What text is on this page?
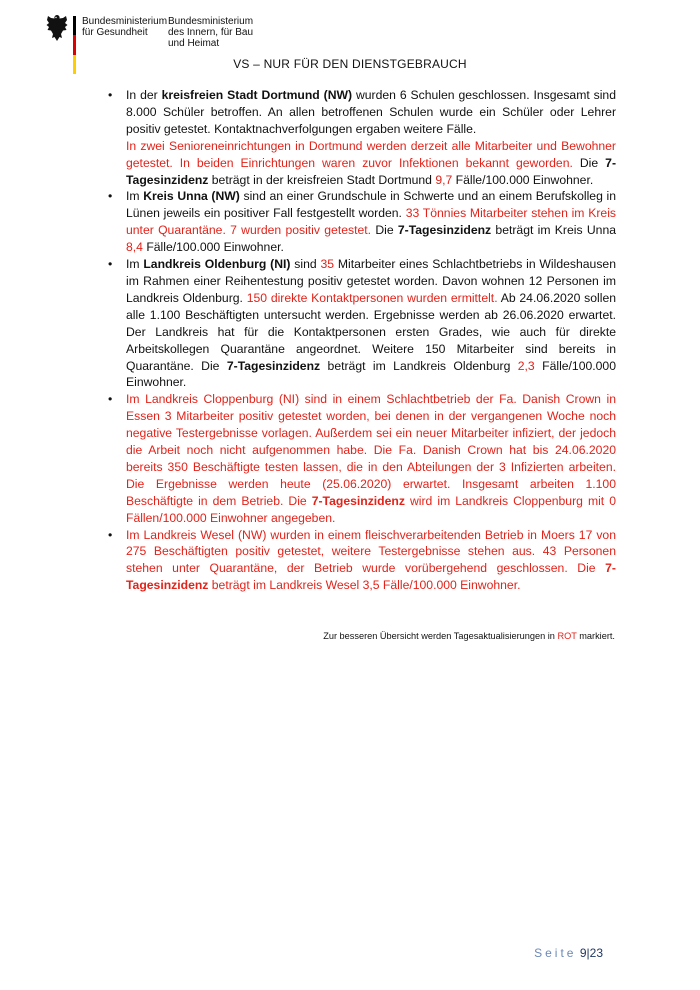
Bundesministerium
für Gesundheit
Bundesministerium
des Innern, für Bau
und Heimat
VS – NUR FÜR DEN DIENSTGEBRAUCH
• In der kreisfreien Stadt Dortmund (NW) wurden 6 Schulen geschlossen. Insgesamt sind 8.000 Schüler betroffen. An allen betroffenen Schulen wurde ein Schüler oder Lehrer positiv getestet. Kontaktnachverfolgungen ergaben weitere Fälle.
In zwei Senioreneinrichtungen in Dortmund werden derzeit alle Mitarbeiter und Bewohner getestet. In beiden Einrichtungen waren zuvor Infektionen bekannt geworden. Die 7-Tagesinzidenz beträgt in der kreisfreien Stadt Dortmund 9,7 Fälle/100.000 Einwohner.
• Im Kreis Unna (NW) sind an einer Grundschule in Schwerte und an einem Berufskolleg in Lünen jeweils ein positiver Fall festgestellt worden. 33 Tönnies Mitarbeiter stehen im Kreis unter Quarantäne. 7 wurden positiv getestet. Die 7-Tagesinzidenz beträgt im Kreis Unna 8,4 Fälle/100.000 Einwohner.
• Im Landkreis Oldenburg (NI) sind 35 Mitarbeiter eines Schlachtbetriebs in Wildeshausen im Rahmen einer Reihentestung positiv getestet worden. Davon wohnen 12 Personen im Landkreis Oldenburg. 150 direkte Kontaktpersonen wurden ermittelt. Ab 24.06.2020 sollen alle 1.100 Beschäftigten untersucht werden. Ergebnisse werden ab 26.06.2020 erwartet. Der Landkreis hat für die Kontaktpersonen ersten Grades, wie auch für direkte Arbeitskollegen Quarantäne angeordnet. Weitere 150 Mitarbeiter sind bereits in Quarantäne. Die 7-Tagesinzidenz beträgt im Landkreis Oldenburg 2,3 Fälle/100.000 Einwohner.
• Im Landkreis Cloppenburg (NI) sind in einem Schlachtbetrieb der Fa. Danish Crown in Essen 3 Mitarbeiter positiv getestet worden, bei denen in der vergangenen Woche noch negative Testergebnisse vorlagen. Außerdem sei ein neuer Mitarbeiter infiziert, der jedoch die Arbeit noch nicht aufgenommen habe. Die Fa. Danish Crown hat bis 24.06.2020 bereits 350 Beschäftigte testen lassen, die in den Abteilungen der 3 Infizierten arbeiten. Die Ergebnisse werden heute (25.06.2020) erwartet. Insgesamt arbeiten 1.100 Beschäftigte in dem Betrieb. Die 7-Tagesinzidenz wird im Landkreis Cloppenburg mit 0 Fällen/100.000 Einwohner angegeben.
• Im Landkreis Wesel (NW) wurden in einem fleischverarbeitenden Betrieb in Moers 17 von 275 Beschäftigten positiv getestet, weitere Testergebnisse stehen aus. 43 Personen stehen unter Quarantäne, der Betrieb wurde vorübergehend geschlossen. Die 7-Tagesinzidenz beträgt im Landkreis Wesel 3,5 Fälle/100.000 Einwohner.
Zur besseren Übersicht werden Tagesaktualisierungen in ROT markiert.
Seite 9|23
